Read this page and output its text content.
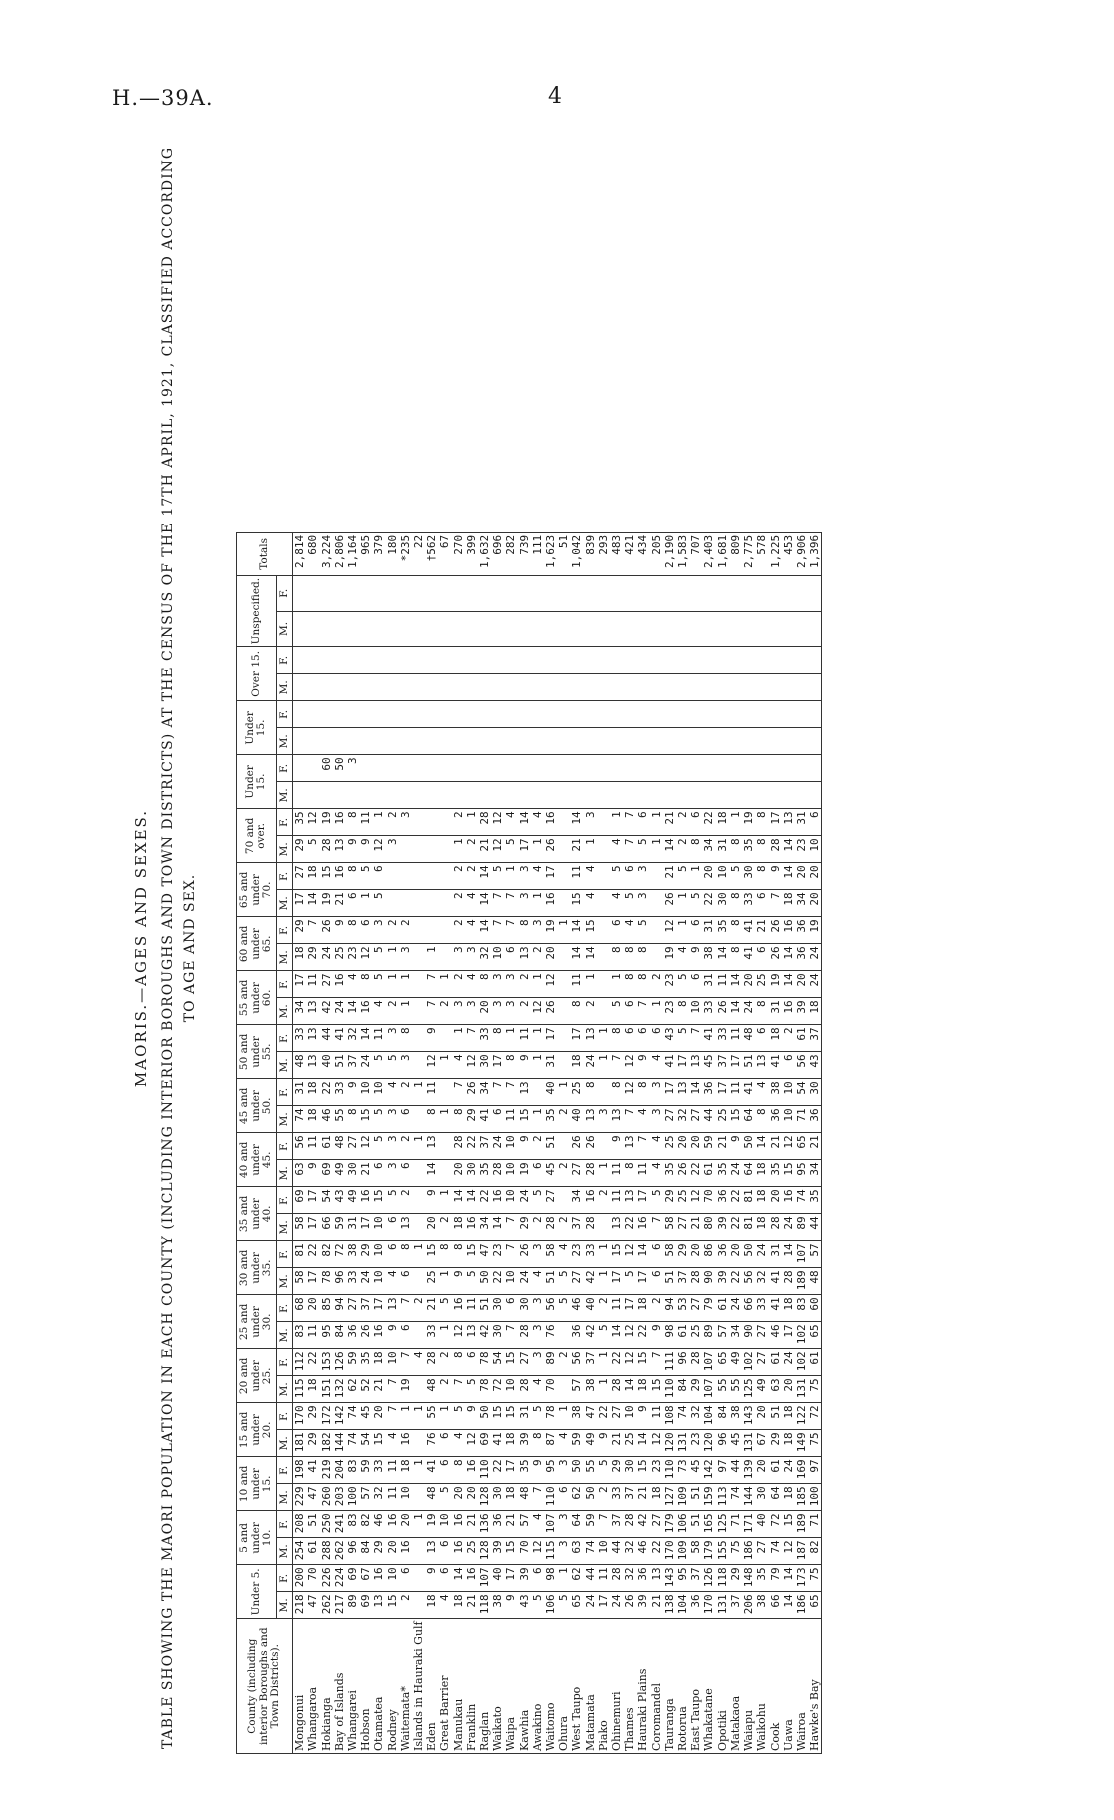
H.—39A.	4
MAORIS.—AGES AND SEXES. TABLE SHOWING THE MAORI POPULATION IN EACH COUNTY (INCLUDING INTERIOR BOROUGHS AND TOWN DISTRICTS) AT THE CENSUS OF THE 17TH APRIL, 1921, CLASSIFIED ACCORDING TO AGE AND SEX.
County (including interior Boroughs and Town Districts).	Under 5.		5 and under 10.		10 and under 15.		15 and under 20.		20 and under 25.		25 and under 30.		30 and under 35.		35 and under 40.		40 and under 45.		45 and under 50.		50 and under 55.		55 and under 60.		60 and under 65.		65 and under 70.		70 and over.		Under 15.		Under 15.		Over 15.		Unspecified.		Totals
	M.	F.	M.	F.	M.	F.	M.	F.	M.	F.	M.	F.	M.	F.	M.	F.	M.	F.	M.	F.	M.	F.	M.	F.	M.	F.	M.	F.	M.	F.	M.	F.	M.	F.	M.	F.	M.	F.	
Mongonui	218	200	254	208	229	198	181	170	115	112	83	68	58	81	58	69	63	56	74	31	48	33	34	17	18	29	17	27	29	35									2,814
Whangaroa	47	70	61	51	47	41	29	29	18	22	11	20	17	22	17	17	9	11	18	18	13	13	13	11	29	7	14	18	5	12									680
Hokianga	262	226	288	250	260	219	182	172	151	153	95	85	78	82	66	54	69	61	46	22	40	44	42	27	24	26	19	15	28	19		60							3,224
Bay of Islands	217	224	262	241	203	204	144	142	132	126	84	94	96	72	59	43	49	48	55	33	51	41	24	16	25	9	21	16	13	16		50							2,806
Whangarei	89	69	96	83	100	83	74	74	62	59	36	27	33	38	31	49	30	27	8	9	37	32	14	4	23	8	6	8	9	8		3							1,164
Hobson	69	67	84	82	57	59	54	45	52	35	26	37	24	29	17	16	21	12	15	10	24	14	16	8	12	6	1	5	9	11									965
Otamatea	13	16	29	46	32	33	15	20	21	18	16	17	10	10	10	15	6	5	5	10	5	11	4	5	5	3	5	6	12	1									379
Rodney	15	10	20	16	11	11	4	7	7	10	9	13	4	6	6	5	3	3	3	4	5	3	2	1	1	2			3	2									180
Waitemata*	2	6	16	20	10	18	16	1	19	7	6	7	6	8	13	2	6	2	6	2	3	8	1	1	3	2				3									*235
Islands in Hauraki Gulf				1		1		1		4		2		1				1		1																			22
Eden	18	9	13	19	48	41	76	55	48	28	33	21	25	15	20	9	14	13	8	11	12	9	7	7	1														†562
Great Barrier	4	6	6	10	5	6	6	1	2	2	1	5	1	8	2	1			1		1		2	1															67
Manukau	18	14	16	16	20	8	4	5	7	8	12	16	9	8	18	14	20	28	8	7	4	1	3	2	3	2	2	2	1	2									270
Franklin	21	16	25	21	20	16	12	9	5	6	13	11	5	15	16	14	30	22	29	26	12	7	3	4	3	4	4	2	2	1									399
Raglan	118	107	128	136	128	110	69	50	78	78	42	51	50	47	34	22	35	37	41	34	30	33	20	8	32	14	14	14	21	28									1,632
Waikato	38	40	39	36	30	22	41	15	72	54	30	30	22	23	14	16	28	24	6	7	17	8	3	3	10	7	7	5	12	12									696
Waipa	9	17	15	21	18	17	18	15	10	15	7	6	10	7	7	10	10	10	11	7	8	1	3	3	6	7	7	1	5	4									282
Kawhia	43	39	70	57	48	35	39	31	28	27	28	30	24	26	29	24	19	9	15	13	9	11	2	2	13	8	3	3	17	14									739
Awakino	5	6	12	4	7	9	8	5	4	3	3	3	4	3	2	5	6	2	1		1	1	12	1	2	3	1	4	1	4									111
Waitomo	106	98	115	107	110	95	87	78	70	89	76	56	51	58	28	27	45	51	35	40	31	17	26	12	20	19	16	17	26	16									1,623
Ohura	5	1	3	3	6	3	4	1		2		5	5	4	2		2		2	1						1													51
West Taupo	65	62	63	64	62	50	59	38	57	56	36	46	27	23	37	34	27	26	40	25	18	17	8	11	14	14	15	11	21	14									1,042
Matamata	24	44	74	59	50	55	49	47	38	37	42	40	42	33	28	16	28	26	13	8	24	13	2	1	14	15	4	4	1	3									839
Piako	17	11	10	7	2	5	9	22	1	1	5	2	1	1		2	1		3		1	1																	293
Ohinemuri	24	28	44	37	33	29	21	27	28	22	14	11	17	15	13	11	11	9	13	8	7	8	5	1	8	6	4	5	4	1									483
Thames	26	32	32	28	37	30	25	10	14	12	12	17	5	12	22	13	8	13	7	12	12	6	6	8	8	4	5	6	7	7									421
Hauraki Plains	39	36	46	42	21	15	14	9	18	15	22	18	17	14	16	17	11	7	4	8	9	6	7	8	8	5	3	3	5	6									434
Coromandel	21	13	22	27	18	23	12	11	15	7	9	2	6	6	7	5	4	4	3	3	4	6	1	2					1	1									205
Tauranga	138	143	170	179	127	110	120	108	110	111	98	94	51	58	58	29	35	25	27	17	41	43	23	23	19	12	26	21	14	21									2,190
Rotorua	104	95	109	106	109	73	131	74	84	96	61	53	37	29	27	25	26	20	32	13	17	5	8	5	4	1	1	5	2	2									1,583
East Taupo	36	37	58	51	51	45	23	32	29	28	25	27	28	20	21	12	22	20	27	14	13	7	10	6	9	6	5	1	8	6									707
Whakatane	170	126	179	165	159	142	120	104	107	107	89	79	90	86	80	70	61	59	44	36	45	41	33	31	38	31	22	20	34	22									2,403
Opotiki	131	118	155	125	113	97	96	84	55	65	57	61	39	36	39	36	35	21	25	17	37	33	26	11	14	35	30	10	31	18									1,681
Matakaoa	37	29	75	71	74	44	45	38	55	49	34	24	22	20	22	22	24	9	15	11	17	11	14	14	8	8	8	5	8	1									809
Waiapu	206	148	186	171	144	139	131	143	125	102	90	66	56	50	81	81	64	50	64	41	51	48	24	20	41	41	33	30	35	19									2,775
Waikohu	38	35	27	40	30	20	67	20	49	27	27	33	32	24	18	18	18	14	8	4	13	6	8	25	6	21	6	8	8	8									578
Cook	66	79	74	72	64	61	29	51	63	61	46	41	41	31	28	20	35	21	36	38	41	18	31	19	26	26	7	9	28	17									1,225
Uawa	14	14	12	15	18	24	18	18	20	24	17	18	28	14	24	16	15	12	10	10	6	2	16	14	14	16	18	14	14	13									453
Wairoa	186	173	187	189	185	169	149	122	131	102	102	83	189	107	89	74	95	65	71	54	56	61	39	20	36	36	34	20	23	31									2,906
Hawke's Bay	65	75	82	71	100	97	75	72	75	61	65	60	48	57	44	35	34	21	36	30	43	37	18	24	24	19	20	20	10	6									1,396
